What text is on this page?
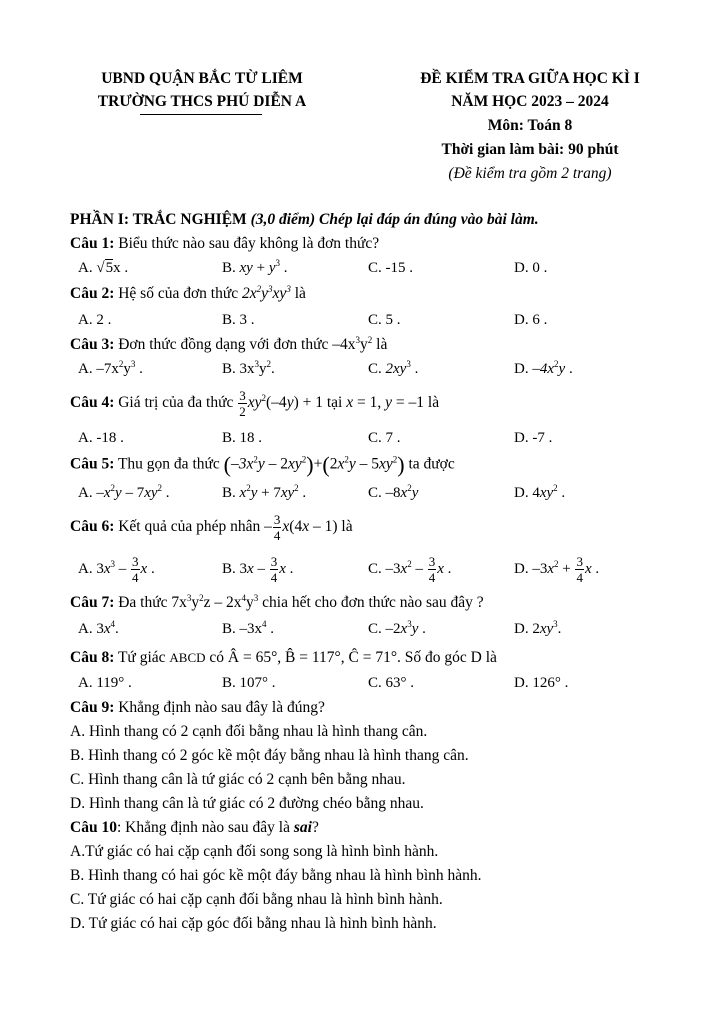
UBND QUẬN BẮC TỪ LIÊM
TRƯỜNG THCS PHÚ DIỄN A
ĐỀ KIỂM TRA GIỮA HỌC KÌ I
NĂM HỌC 2023 – 2024
Môn: Toán 8
Thời gian làm bài: 90 phút
(Đề kiểm tra gồm 2 trang)
PHẦN I: TRẮC NGHIỆM (3,0 điểm) Chép lại đáp án đúng vào bài làm.
Câu 1: Biểu thức nào sau đây không là đơn thức?
A. √5x .	B. xy + $y^3$ .	C. -15 .	D. 0 .
Câu 2: Hệ số của đơn thức $2x^2y^3xy^3$ là
A. 2 .	B. 3 .	C. 5 .	D. 6 .
Câu 3: Đơn thức đồng dạng với đơn thức $-4x^3y^2$ là
A. $-7x^2y^3$ .	B. $3x^3y^2$.	C. $2xy^3$ .	D. $-4x^2y$ .
Câu 4: Giá trị của đa thức $\frac{3}{2} xy^2(-4y) + 1$ tại x = 1, y = –1 là
A. -18 .	B. 18 .	C. 7 .	D. -7 .
Câu 5: Thu gọn đa thức $(-3x^2y - 2xy^2)+(2x^2y - 5xy^2)$ ta được
A. $-x^2y - 7xy^2$ .	B. $x^2y + 7xy^2$ .	C. $-8x^2y$	D. $4xy^2$ .
Câu 6: Kết quả của phép nhân – $\frac{3}{4} x(4x - 1)$ là
A. $3x^3 - \frac{3}{4}$ x .	B. $3x - \frac{3}{4}$ x .	C. $-3x^2 - \frac{3}{4}$ x .	D. $-3x^2 + \frac{3}{4}$ x .
Câu 7: Đa thức $7x^3y^2z - 2x^4y^3$ chia hết cho đơn thức nào sau đây ?
A. $3x^4$.	B. $-3x^4$ .	C. $-2x^3y$ .	D. $2xy^3$.
Câu 8: Tứ giác ABCD có Â = 65°, B̂ = 117°, Ĉ = 71°. Số đo góc D là
A. 119° .	B. 107° .	C. 63° .	D. 126° .
Câu 9: Khẳng định nào sau đây là đúng?
A. Hình thang có 2 cạnh đối bằng nhau là hình thang cân.
B. Hình thang có 2 góc kề một đáy bằng nhau là hình thang cân.
C. Hình thang cân là tứ giác có 2 cạnh bên bằng nhau.
D. Hình thang cân là tứ giác có 2 đường chéo bằng nhau.
Câu 10: Khẳng định nào sau đây là sai?
A.Tứ giác có hai cặp cạnh đối song song là hình bình hành.
B. Hình thang có hai góc kề một đáy bằng nhau là hình bình hành.
C. Tứ giác có hai cặp cạnh đối bằng nhau là hình bình hành.
D. Tứ giác có hai cặp góc đối bằng nhau là hình bình hành.
